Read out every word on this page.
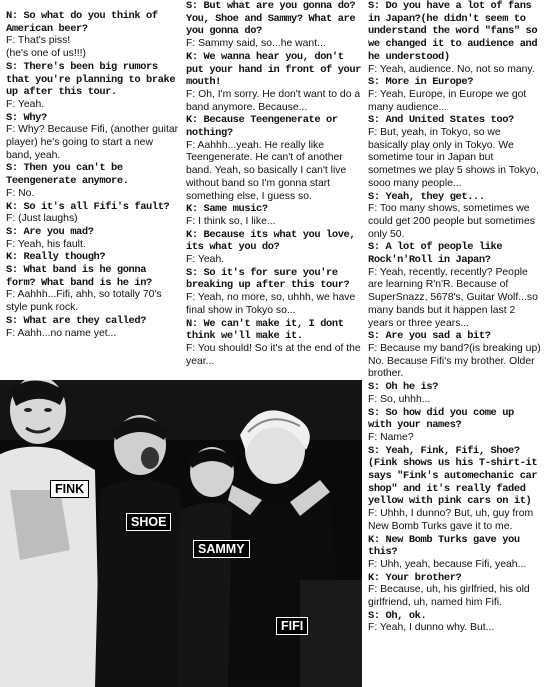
N: So what do you think of American beer?

F: That's piss!

(he's one of us!!!)

S: There's been big rumors that you're planning to brake up after this tour.

F: Yeah.

S: Why?

F: Why? Because Fifi, (another guitar player) he's going to start a new band, yeah.

S: Then you can't be Teengenerate anymore.

F: No.

K: So it's all Fifi's fault?

F: (Just laughs)

S: Are you mad?

F: Yeah, his fault.

K: Really though?

S: What band is he gonna form? What band is he in?

F: Aahhh...Fifi, ahh, so totally 70's style punk rock.

S: What are they called?

F: Aahh...no name yet...

S: But what are you gonna do? You, Shoe and Sammy? What are you gonna do?

F: Sammy said, so...he want...

K: We wanna hear you, don't put your hand in front of your mouth!

F: Oh, I'm sorry. He don't want to do a band anymore. Because...

K: Because Teengenerate or nothing?

F: Aahhh...yeah. He really like Teengenerate. He can't of another band. Yeah, so basically I can't live without band so I'm gonna start something else, I guess so.

K: Same music?

F: I think so, I like...

K: Because its what you love, its what you do?

F: Yeah.

S: So it's for sure you're breaking up after this tour?

F: Yeah, no more, so, uhhh, we have final show in Tokyo so...

N: We can't make it, I dont think we'll make it.

F: You should! So it's at the end of the year...

S: Do you have a lot of fans in Japan?(he didn't seem to understand the word "fans" so we changed it to audience and he understood)

F: Yeah, audience. No, not so many.

S: More in Europe?

F: Yeah, Europe, in Europe we got many audience...

S: And United States too?

F: But, yeah, in Tokyo, so we basically play only in Tokyo. We sometime tour in Japan but sometmes we play 5 shows in Tokyo, sooo many people...

S: Yeah, they get...

F: Too many shows, sometimes we could get 200 people but sometimes only 50.

S: A lot of people like Rock'n'Roll in Japan?

F: Yeah, recently, recently? People are learning R'n'R. Because of SuperSnazz, 5678's, Guitar Wolf...so many bands but it happen last 2 years or three years...

S: Are you sad a bit?

F: Because my band?(is breaking up) No. Because Fifi's my brother. Older brother.

S: Oh he is?

F: So, uhhh...

S: So how did you come up with your names?

F: Name?

S: Yeah, Fink, Fifi, Shoe? (Fink shows us his T-shirt-it says "Fink's automechanic car shop" and it's really faded yellow with pink cars on it)

F: Uhhh, I dunno? But, uh, guy from New Bomb Turks gave it to me.

K: New Bomb Turks gave you this?

F: Uhh, yeah, because Fifi, yeah...

K: Your brother?

F: Because, uh, his girlfried, his old girlfriend, uh, named him Fifi.

S: Oh, ok.

F: Yeah, I dunno why. But...

FINK
SHOE
SAMMY
FIFI
